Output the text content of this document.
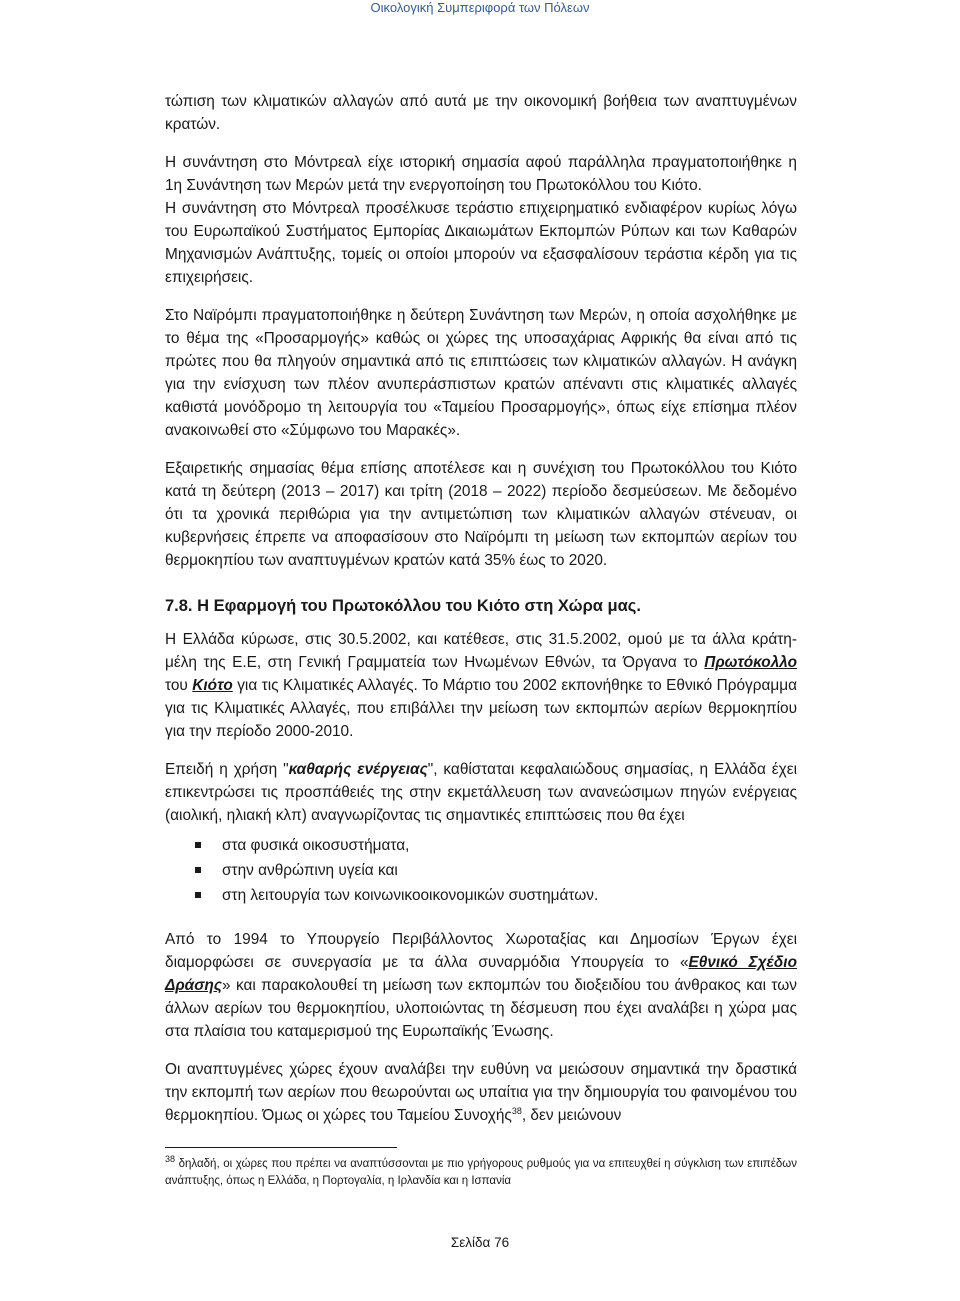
Οικολογική Συμπεριφορά των Πόλεων

τώπιση των κλιματικών αλλαγών από αυτά με την οικονομική βοήθεια των αναπτυγμένων κρατών.

Η συνάντηση στο Μόντρεαλ είχε ιστορική σημασία αφού παράλληλα πραγματοποιήθηκε η 1η Συνάντηση των Μερών μετά την ενεργοποίηση του Πρωτοκόλλου του Κιότο.

Η συνάντηση στο Μόντρεαλ προσέλκυσε τεράστιο επιχειρηματικό ενδιαφέρον κυρίως λόγω του Ευρωπαϊκού Συστήματος Εμπορίας Δικαιωμάτων Εκπομπών Ρύπων και των Καθαρών Μηχανισμών Ανάπτυξης, τομείς οι οποίοι μπορούν να εξασφαλίσουν τεράστια κέρδη για τις επιχειρήσεις.

Στο Ναϊρόμπι πραγματοποιήθηκε η δεύτερη Συνάντηση των Μερών, η οποία ασχολήθηκε με το θέμα της «Προσαρμογής» καθώς οι χώρες της υποσαχάριας Αφρικής θα είναι από τις πρώτες που θα πληγούν σημαντικά από τις επιπτώσεις των κλιματικών αλλαγών. Η ανάγκη για την ενίσχυση των πλέον ανυπεράσπιστων κρατών απέναντι στις κλιματικές αλλαγές καθιστά μονόδρομο τη λειτουργία του «Ταμείου Προσαρμογής», όπως είχε επίσημα πλέον ανακοινωθεί στο «Σύμφωνο του Μαρακές».

Εξαιρετικής σημασίας θέμα επίσης αποτέλεσε και η συνέχιση του Πρωτοκόλλου του Κιότο κατά τη δεύτερη (2013 – 2017) και τρίτη (2018 – 2022) περίοδο δεσμεύσεων. Με δεδομένο ότι τα χρονικά περιθώρια για την αντιμετώπιση των κλιματικών αλλαγών στένευαν, οι κυβερνήσεις έπρεπε να αποφασίσουν στο Ναϊρόμπι τη μείωση των εκπομπών αερίων του θερμοκηπίου των αναπτυγμένων κρατών κατά 35% έως το 2020.

7.8. Η Εφαρμογή του Πρωτοκόλλου του Κιότο στη Χώρα μας.

Η Ελλάδα κύρωσε, στις 30.5.2002, και κατέθεσε, στις 31.5.2002, ομού με τα άλλα κράτη-μέλη της Ε.Ε, στη Γενική Γραμματεία των Ηνωμένων Εθνών, τα Όργανα το Πρωτόκολλο του Κιότο για τις Κλιματικές Αλλαγές. Το Μάρτιο του 2002 εκπονήθηκε το Εθνικό Πρόγραμμα για τις Κλιματικές Αλλαγές, που επιβάλλει την μείωση των εκπομπών αερίων θερμοκηπίου για την περίοδο 2000-2010.

Επειδή η χρήση "καθαρής ενέργειας", καθίσταται κεφαλαιώδους σημασίας, η Ελλάδα έχει επικεντρώσει τις προσπάθειές της στην εκμετάλλευση των ανανεώσιμων πηγών ενέργειας (αιολική, ηλιακή κλπ) αναγνωρίζοντας τις σημαντικές επιπτώσεις που θα έχει

στα φυσικά οικοσυστήματα,
στην ανθρώπινη υγεία και
στη λειτουργία των κοινωνικοοικονομικών συστημάτων.

Από το 1994 το Υπουργείο Περιβάλλοντος Χωροταξίας και Δημοσίων Έργων έχει διαμορφώσει σε συνεργασία με τα άλλα συναρμόδια Υπουργεία το «Εθνικό Σχέδιο Δράσης» και παρακολουθεί τη μείωση των εκπομπών του διοξειδίου του άνθρακος και των άλλων αερίων του θερμοκηπίου, υλοποιώντας τη δέσμευση που έχει αναλάβει η χώρα μας στα πλαίσια του καταμερισμού της Ευρωπαϊκής Ένωσης.

Οι αναπτυγμένες χώρες έχουν αναλάβει την ευθύνη να μειώσουν σημαντικά την δραστικά την εκπομπή των αερίων που θεωρούνται ως υπαίτια για την δημιουργία του φαινομένου του θερμοκηπίου. Όμως οι χώρες του Ταμείου Συνοχής$^{38}$, δεν μειώνουν

$^{38}$ δηλαδή, οι χώρες που πρέπει να αναπτύσσονται με πιο γρήγορους ρυθμούς για να επιτευχθεί η σύγκλιση των επιπέδων ανάπτυξης, όπως η Ελλάδα, η Πορτογαλία, η Ιρλανδία και η Ισπανία
Σελίδα 76
